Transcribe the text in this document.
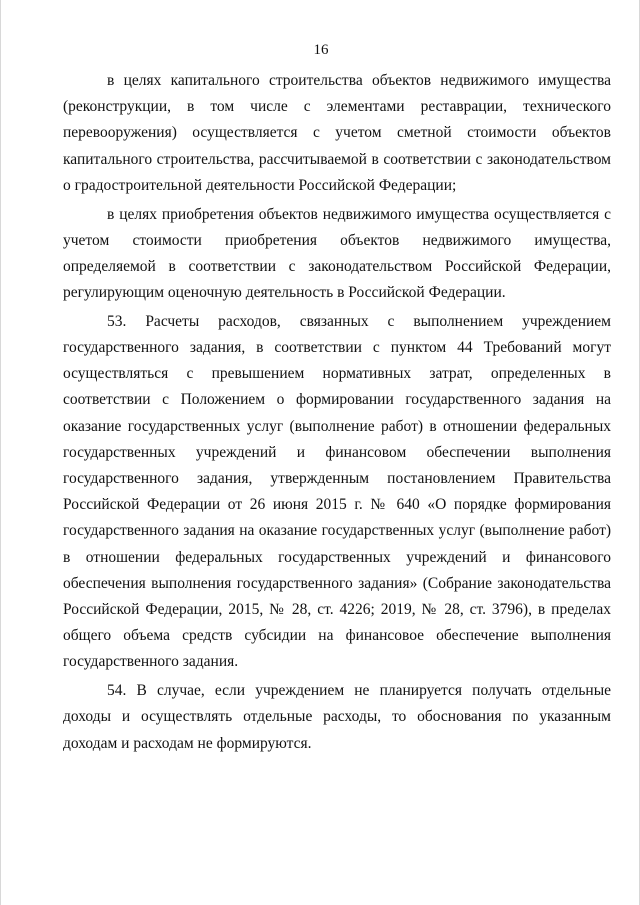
16

в целях капитального строительства объектов недвижимого имущества (реконструкции, в том числе с элементами реставрации, технического перевооружения) осуществляется с учетом сметной стоимости объектов капитального строительства, рассчитываемой в соответствии с законодательством о градостроительной деятельности Российской Федерации;

в целях приобретения объектов недвижимого имущества осуществляется с учетом стоимости приобретения объектов недвижимого имущества, определяемой в соответствии с законодательством Российской Федерации, регулирующим оценочную деятельность в Российской Федерации.

53. Расчеты расходов, связанных с выполнением учреждением государственного задания, в соответствии с пунктом 44 Требований могут осуществляться с превышением нормативных затрат, определенных в соответствии с Положением о формировании государственного задания на оказание государственных услуг (выполнение работ) в отношении федеральных государственных учреждений и финансовом обеспечении выполнения государственного задания, утвержденным постановлением Правительства Российской Федерации от 26 июня 2015 г. № 640 «О порядке формирования государственного задания на оказание государственных услуг (выполнение работ) в отношении федеральных государственных учреждений и финансового обеспечения выполнения государственного задания» (Собрание законодательства Российской Федерации, 2015, № 28, ст. 4226; 2019, № 28, ст. 3796), в пределах общего объема средств субсидии на финансовое обеспечение выполнения государственного задания.

54. В случае, если учреждением не планируется получать отдельные доходы и осуществлять отдельные расходы, то обоснования по указанным доходам и расходам не формируются.
